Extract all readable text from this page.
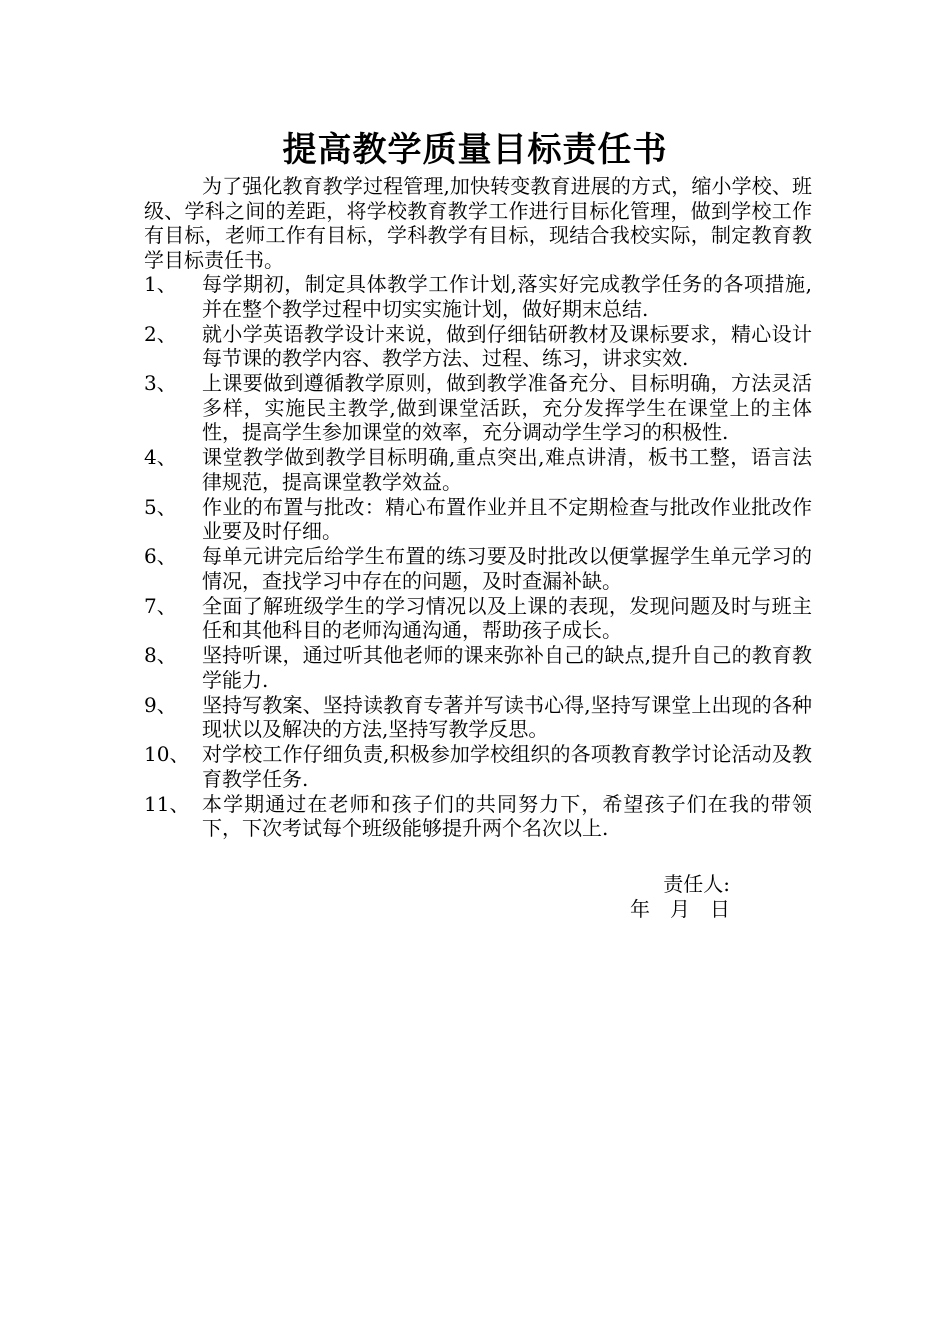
提高教学质量目标责任书

为了强化教育教学过程管理,加快转变教育进展的方式，缩小学校、班级、学科之间的差距，将学校教育教学工作进行目标化管理，做到学校工作有目标，老师工作有目标，学科教学有目标，现结合我校实际，制定教育教学目标责任书。

1、	每学期初，制定具体教学工作计划,落实好完成教学任务的各项措施,并在整个教学过程中切实实施计划，做好期末总结.
2、	就小学英语教学设计来说，做到仔细钻研教材及课标要求，精心设计每节课的教学内容、教学方法、过程、练习，讲求实效.
3、	上课要做到遵循教学原则，做到教学准备充分、目标明确，方法灵活多样，实施民主教学,做到课堂活跃，充分发挥学生在课堂上的主体性，提高学生参加课堂的效率，充分调动学生学习的积极性.
4、	课堂教学做到教学目标明确,重点突出,难点讲清，板书工整，语言法律规范，提高课堂教学效益。
5、	作业的布置与批改：精心布置作业并且不定期检查与批改作业批改作业要及时仔细。
6、	每单元讲完后给学生布置的练习要及时批改以便掌握学生单元学习的情况，查找学习中存在的问题，及时查漏补缺。
7、	全面了解班级学生的学习情况以及上课的表现，发现问题及时与班主任和其他科目的老师沟通沟通，帮助孩子成长。
8、	坚持听课，通过听其他老师的课来弥补自己的缺点,提升自己的教育教学能力.
9、	坚持写教案、坚持读教育专著并写读书心得,坚持写课堂上出现的各种现状以及解决的方法,坚持写教学反思。
10、 对学校工作仔细负责,积极参加学校组织的各项教育教学讨论活动及教育教学任务.
11、 本学期通过在老师和孩子们的共同努力下，希望孩子们在我的带领下，下次考试每个班级能够提升两个名次以上.
责任人:
年　月　日
